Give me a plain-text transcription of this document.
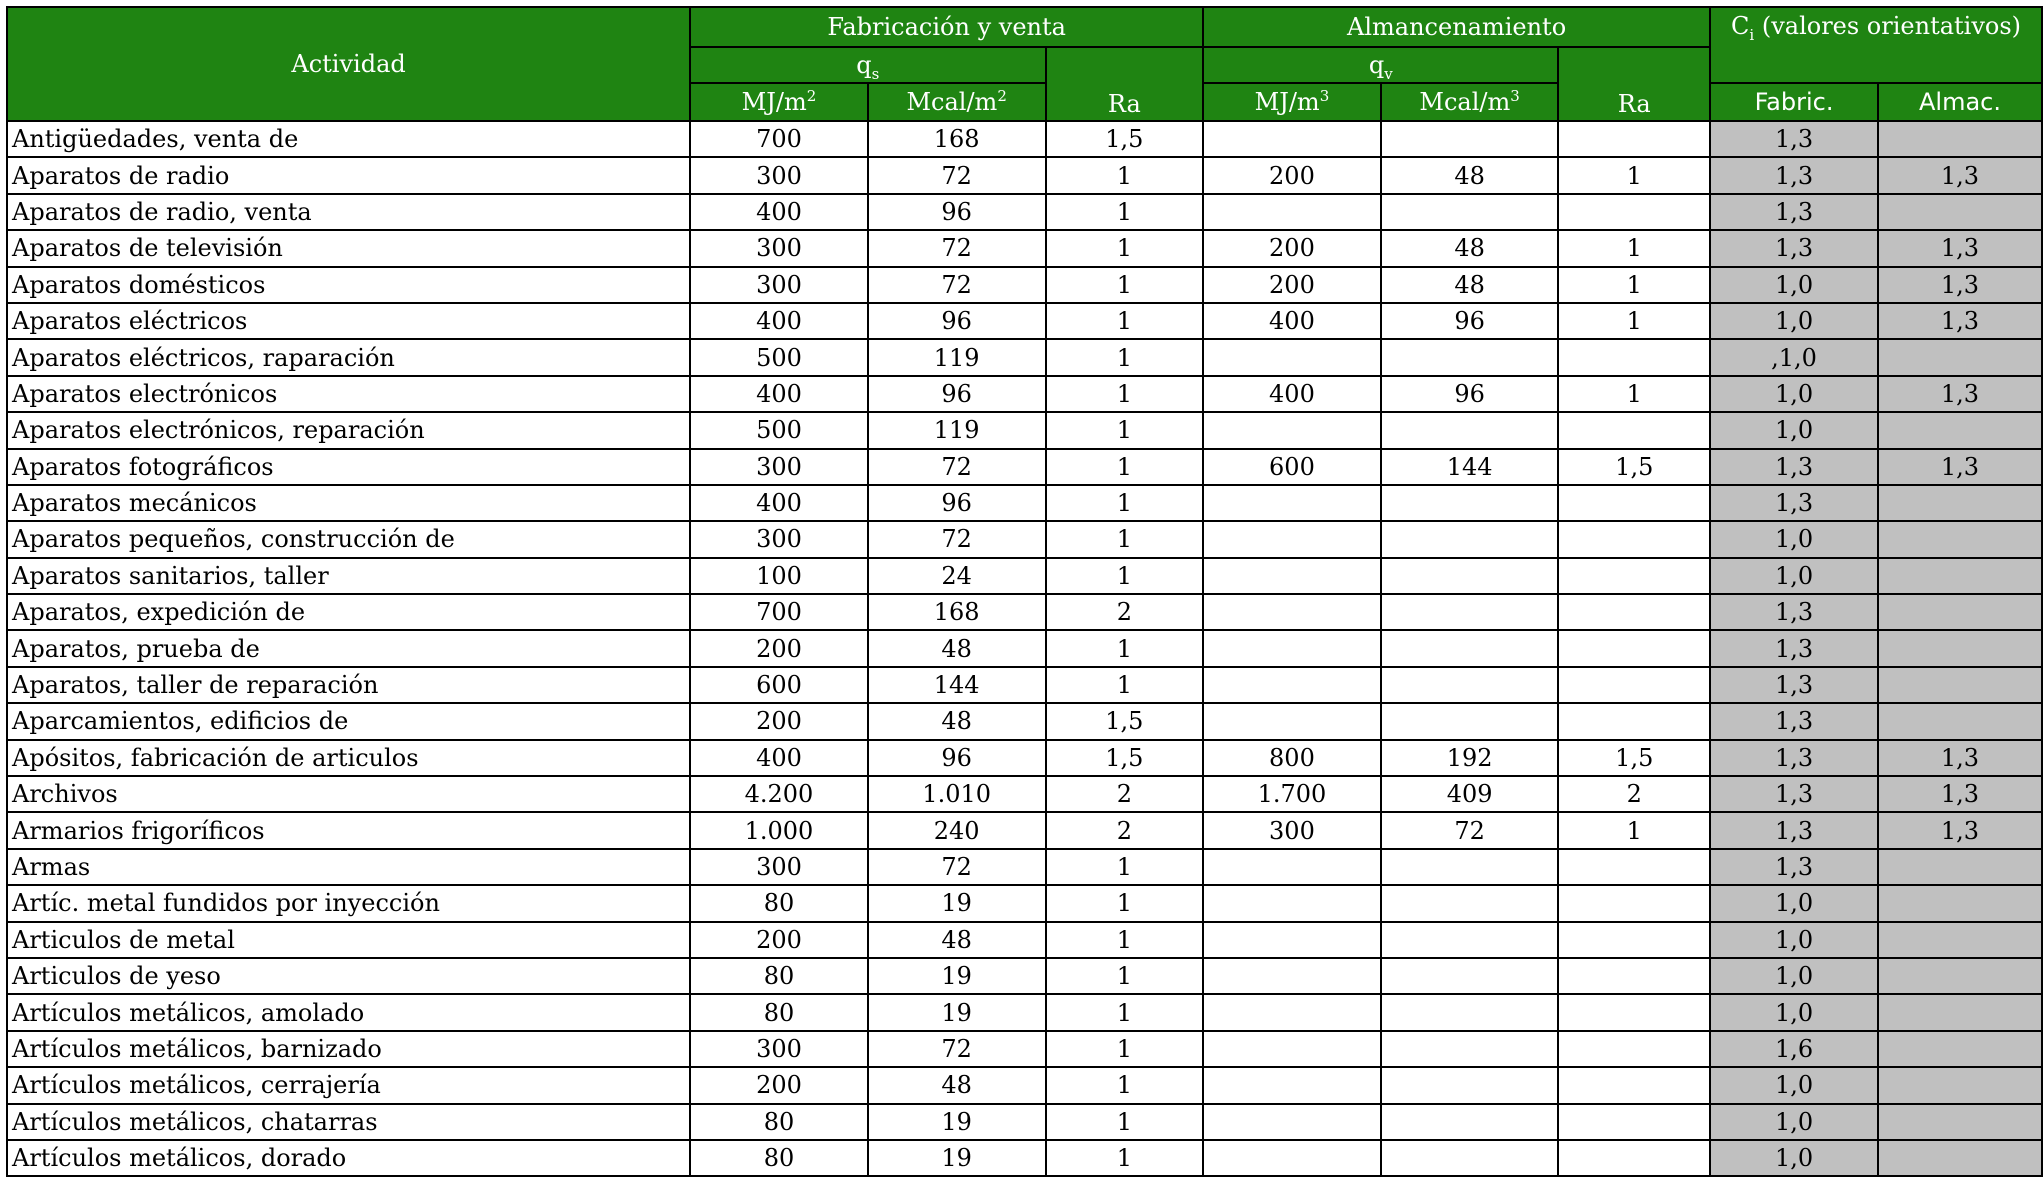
Actividad	Fabricación y venta			Almancenamiento			$C_i$ (valores orientativos)	
	$q_s$		Ra	$q_v$		Ra		
	$MJ/m^2$	Mcal/$m^2$		$MJ/m^3$	Mcal/$m^3$		Fabric.	Almac.
Antigüedades, venta de	700	168	1,5				1,3	
Aparatos de radio	300	72	1	200	48	1	1,3	1,3
Aparatos de radio, venta	400	96	1				1,3	
Aparatos de televisión	300	72	1	200	48	1	1,3	1,3
Aparatos domésticos	300	72	1	200	48	1	1,0	1,3
Aparatos eléctricos	400	96	1	400	96	1	1,0	1,3
Aparatos eléctricos, raparación	500	119	1				,1,0	
Aparatos electrónicos	400	96	1	400	96	1	1,0	1,3
Aparatos electrónicos, reparación	500	119	1				1,0	
Aparatos fotográficos	300	72	1	600	144	1,5	1,3	1,3
Aparatos mecánicos	400	96	1				1,3	
Aparatos pequeños, construcción de	300	72	1				1,0	
Aparatos sanitarios, taller	100	24	1				1,0	
Aparatos, expedición de	700	168	2				1,3	
Aparatos, prueba de	200	48	1				1,3	
Aparatos, taller de reparación	600	144	1				1,3	
Aparcamientos, edificios de	200	48	1,5				1,3	
Apósitos, fabricación de articulos	400	96	1,5	800	192	1,5	1,3	1,3
Archivos	4.200	1.010	2	1.700	409	2	1,3	1,3
Armarios frigoríficos	1.000	240	2	300	72	1	1,3	1,3
Armas	300	72	1				1,3	
Artíc. metal fundidos por inyección	80	19	1				1,0	
Articulos de metal	200	48	1				1,0	
Articulos de yeso	80	19	1				1,0	
Artículos metálicos, amolado	80	19	1				1,0	
Artículos metálicos, barnizado	300	72	1				1,6	
Artículos metálicos, cerrajería	200	48	1				1,0	
Artículos metálicos, chatarras	80	19	1				1,0	
Artículos metálicos, dorado	80	19	1				1,0	
